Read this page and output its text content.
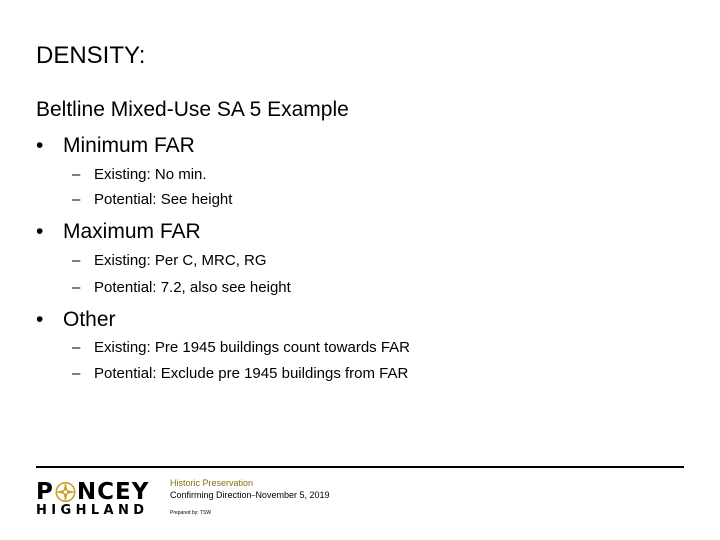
DENSITY:
Beltline Mixed-Use SA 5 Example
• Minimum FAR
– Existing: No min.
– Potential: See height
• Maximum FAR
– Existing: Per C, MRC, RG
– Potential: 7.2, also see height
• Other
– Existing: Pre 1945 buildings count towards FAR
– Potential: Exclude pre 1945 buildings from FAR
P NCEY
HIGHLAND
Historic Preservation
Confirming Direction–November 5, 2019
Prepared by: TSW
